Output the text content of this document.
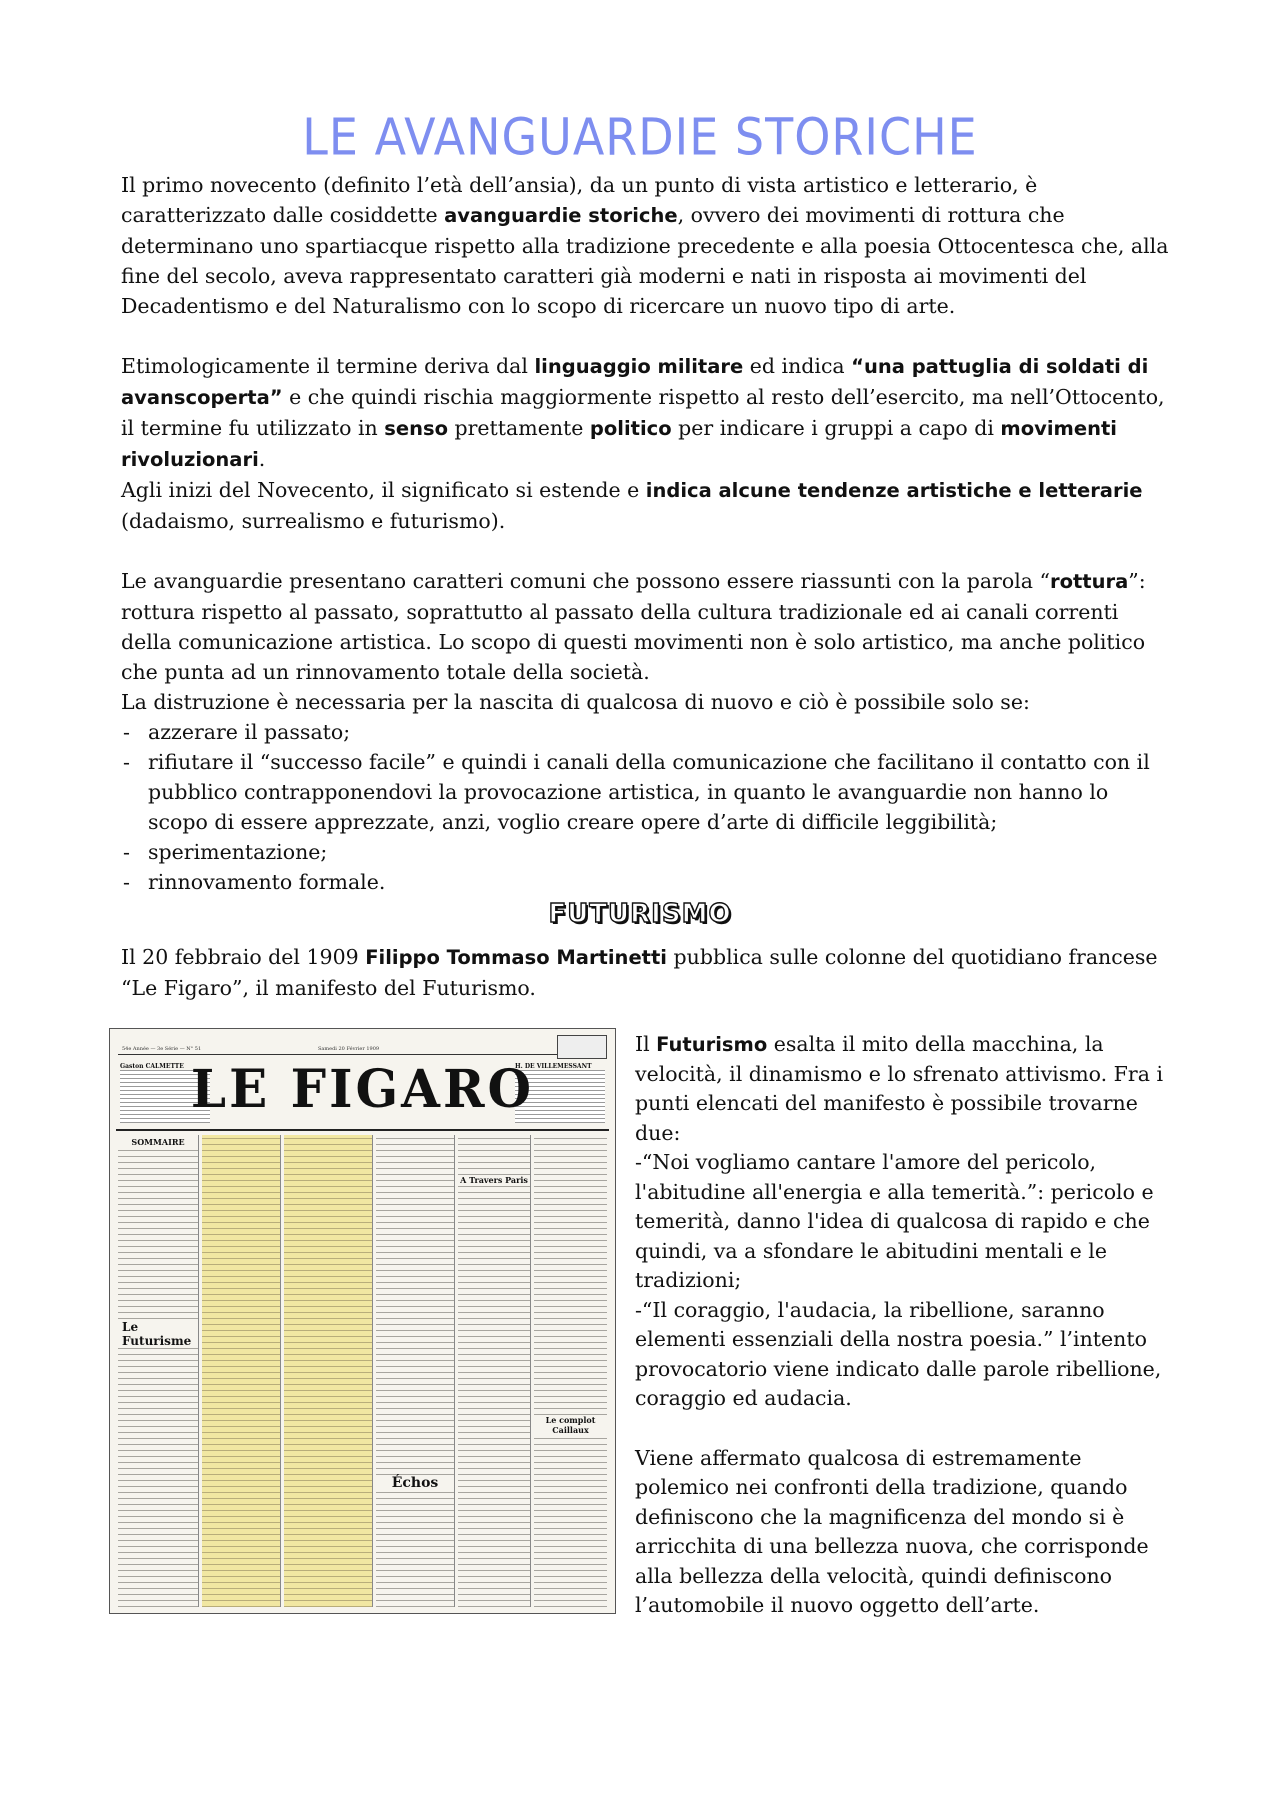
LE AVANGUARDIE STORICHE

Il primo novecento (definito l’età dell’ansia), da un punto di vista artistico e letterario, è caratterizzato dalle cosiddette avanguardie storiche, ovvero dei movimenti di rottura che determinano uno spartiacque rispetto alla tradizione precedente e alla poesia Ottocentesca che, alla fine del secolo, aveva rappresentato caratteri già moderni e nati in risposta ai movimenti del Decadentismo e del Naturalismo con lo scopo di ricercare un nuovo tipo di arte.

Etimologicamente il termine deriva dal linguaggio militare ed indica “una pattuglia di soldati di avanscoperta” e che quindi rischia maggiormente rispetto al resto dell’esercito, ma nell’Ottocento, il termine fu utilizzato in senso prettamente politico per indicare i gruppi a capo di movimenti rivoluzionari.

Agli inizi del Novecento, il significato si estende e indica alcune tendenze artistiche e letterarie (dadaismo, surrealismo e futurismo).

Le avanguardie presentano caratteri comuni che possono essere riassunti con la parola “rottura”: rottura rispetto al passato, soprattutto al passato della cultura tradizionale ed ai canali correnti della comunicazione artistica. Lo scopo di questi movimenti non è solo artistico, ma anche politico che punta ad un rinnovamento totale della società.

La distruzione è necessaria per la nascita di qualcosa di nuovo e ciò è possibile solo se:

- azzerare il passato;
- rifiutare il “successo facile” e quindi i canali della comunicazione che facilitano il contatto con il pubblico contrapponendovi la provocazione artistica, in quanto le avanguardie non hanno lo scopo di essere apprezzate, anzi, voglio creare opere d’arte di difficile leggibilità;
- sperimentazione;
- rinnovamento formale.
FUTURISMO
Il 20 febbraio del 1909 Filippo Tommaso Martinetti pubblica sulle colonne del quotidiano francese “Le Figaro”, il manifesto del Futurismo.
54e Année — 3e Série — N° 51	Samedi 20 Février 1909
Gaston CALMETTE	H. DE VILLEMESSANT
LE FIGARO
SOMMAIRE
Le Futurisme
Échos
A Travers Paris
Le complot Caillaux

Il Futurismo esalta il mito della macchina, la velocità, il dinamismo e lo sfrenato attivismo. Fra i punti elencati del manifesto è possibile trovarne due:

-“Noi vogliamo cantare l'amore del pericolo, l'abitudine all'energia e alla temerità.”: pericolo e temerità, danno l'idea di qualcosa di rapido e che quindi, va a sfondare le abitudini mentali e le tradizioni;

-“Il coraggio, l'audacia, la ribellione, saranno elementi essenziali della nostra poesia.” l’intento provocatorio viene indicato dalle parole ribellione, coraggio ed audacia.

Viene affermato qualcosa di estremamente polemico nei confronti della tradizione, quando definiscono che la magnificenza del mondo si è arricchita di una bellezza nuova, che corrisponde alla bellezza della velocità, quindi definiscono l’automobile il nuovo oggetto dell’arte.
